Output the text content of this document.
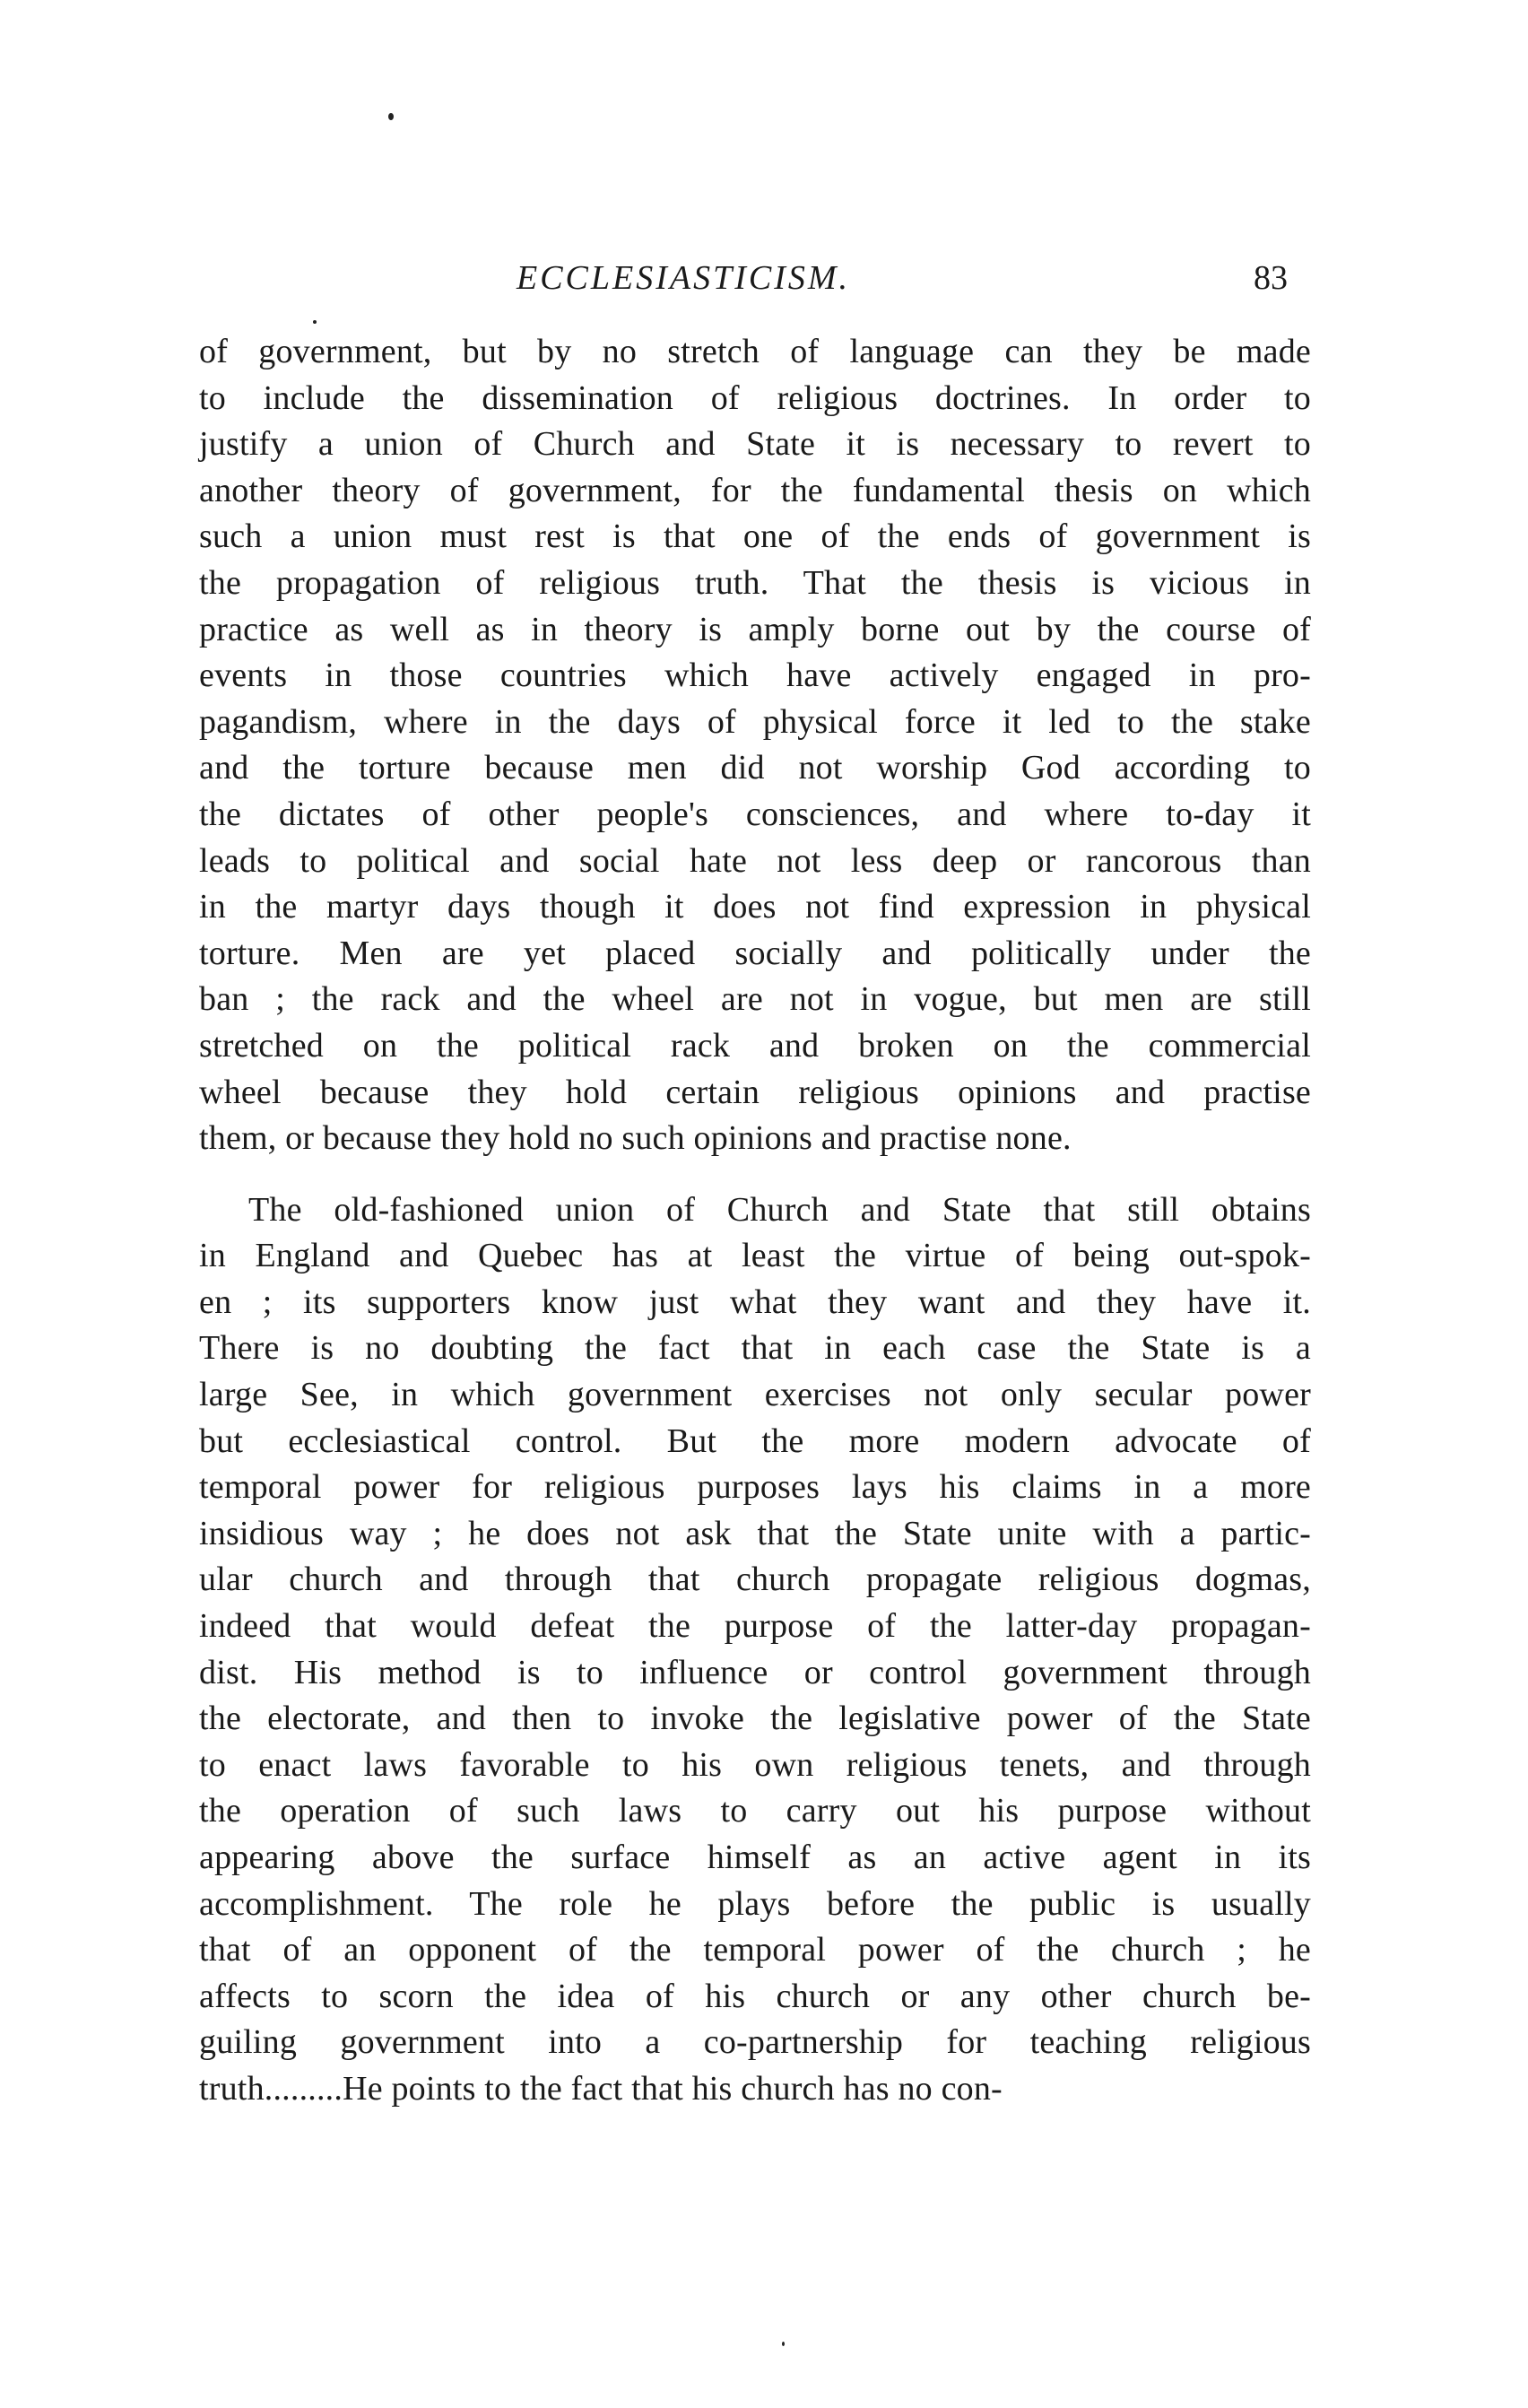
ECCLESIASTICISM.	83
of government, but by no stretch of language can they be made
to include the dissemination of religious doctrines. In order to
justify a union of Church and State it is necessary to revert to
another theory of government, for the fundamental thesis on which
such a union must rest is that one of the ends of government is
the propagation of religious truth. That the thesis is vicious in
practice as well as in theory is amply borne out by the course of
events in those countries which have actively engaged in pro-
pagandism, where in the days of physical force it led to the stake
and the torture because men did not worship God according to
the dictates of other people's consciences, and where to-day it
leads to political and social hate not less deep or rancorous than
in the martyr days though it does not find expression in physical
torture. Men are yet placed socially and politically under the
ban ; the rack and the wheel are not in vogue, but men are still
stretched on the political rack and broken on the commercial
wheel because they hold certain religious opinions and practise
them, or because they hold no such opinions and practise none.
The old-fashioned union of Church and State that still obtains
in England and Quebec has at least the virtue of being out-spok-
en ; its supporters know just what they want and they have it.
There is no doubting the fact that in each case the State is a
large See, in which government exercises not only secular power
but ecclesiastical control. But the more modern advocate of
temporal power for religious purposes lays his claims in a more
insidious way ; he does not ask that the State unite with a partic-
ular church and through that church propagate religious dogmas,
indeed that would defeat the purpose of the latter-day propagan-
dist. His method is to influence or control government through
the electorate, and then to invoke the legislative power of the State
to enact laws favorable to his own religious tenets, and through
the operation of such laws to carry out his purpose without
appearing above the surface himself as an active agent in its
accomplishment. The role he plays before the public is usually
that of an opponent of the temporal power of the church ; he
affects to scorn the idea of his church or any other church be-
guiling government into a co-partnership for teaching religious
truth.........He points to the fact that his church has no con-
